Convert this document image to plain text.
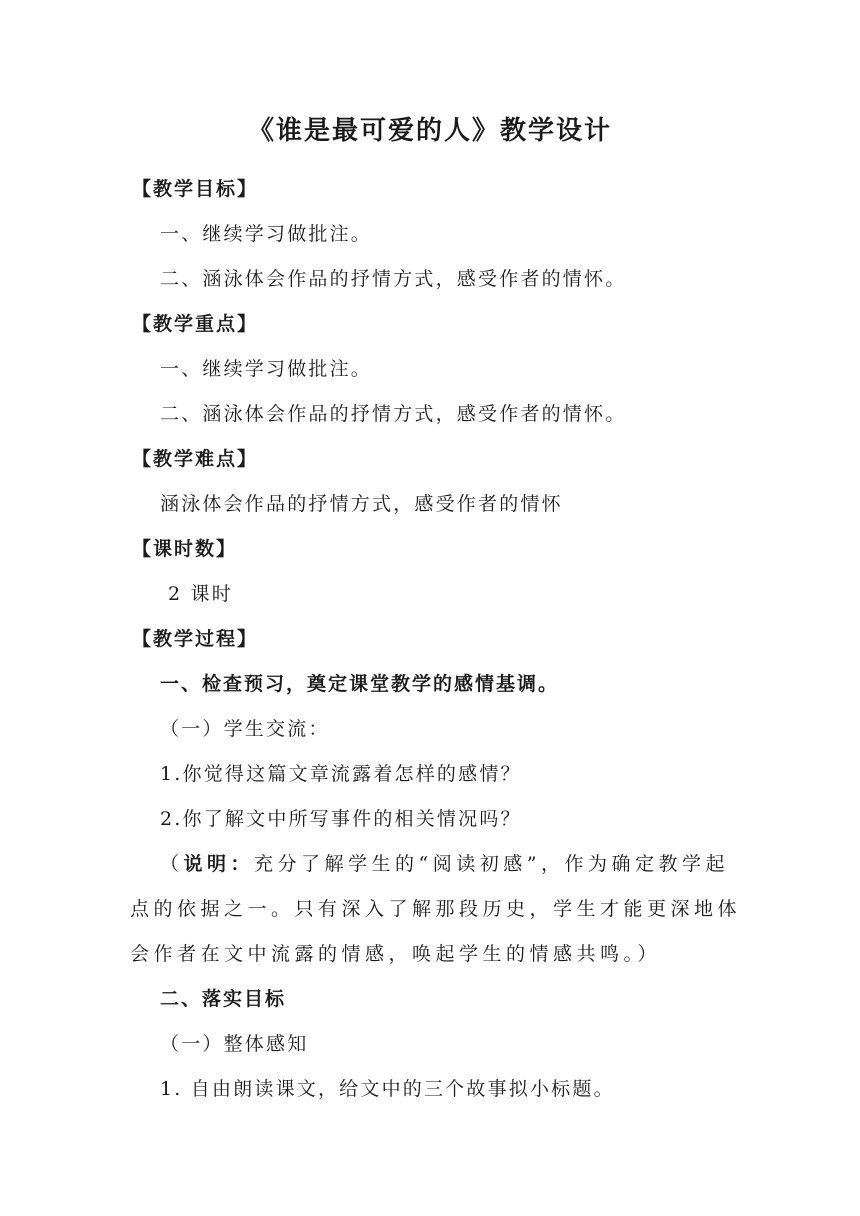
《谁是最可爱的人》教学设计
【教学目标】
一、继续学习做批注。
二、涵泳体会作品的抒情方式，感受作者的情怀。
【教学重点】
一、继续学习做批注。
二、涵泳体会作品的抒情方式，感受作者的情怀。
【教学难点】
涵泳体会作品的抒情方式，感受作者的情怀
【课时数】
2 课时
【教学过程】
一、检查预习，奠定课堂教学的感情基调。
（一）学生交流：
1.你觉得这篇文章流露着怎样的感情？
2.你了解文中所写事件的相关情况吗？
（说明：充分了解学生的“阅读初感”，作为确定教学起
点的依据之一。只有深入了解那段历史，学生才能更深地体
会作者在文中流露的情感，唤起学生的情感共鸣。）
二、落实目标
（一）整体感知
1. 自由朗读课文，给文中的三个故事拟小标题。
